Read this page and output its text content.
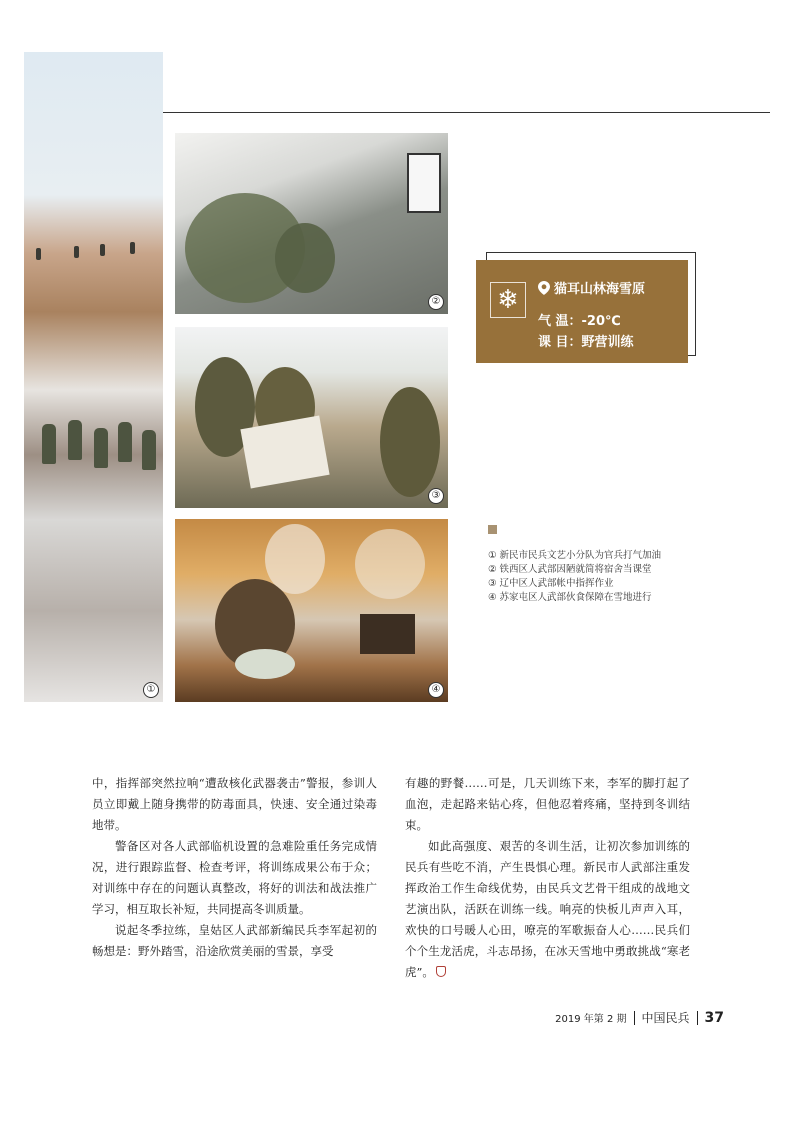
①
②
③
④
❄	猫耳山林海雪原
气 温：-20℃
课 目：野营训练
① 新民市民兵文艺小分队为官兵打气加油
② 铁西区人武部因陋就简将宿舍当课堂
③ 辽中区人武部帐中指挥作业
④ 苏家屯区人武部伙食保障在雪地进行

中，指挥部突然拉响“遭敌核化武器袭击”警报，参训人员立即戴上随身携带的防毒面具，快速、安全通过染毒地带。

警备区对各人武部临机设置的急难险重任务完成情况，进行跟踪监督、检查考评，将训练成果公布于众；对训练中存在的问题认真整改，将好的训法和战法推广学习，相互取长补短，共同提高冬训质量。

说起冬季拉练，皇姑区人武部新编民兵李军起初的畅想是：野外踏雪，沿途欣赏美丽的雪景，享受

有趣的野餐……可是，几天训练下来，李军的脚打起了血泡，走起路来钻心疼，但他忍着疼痛，坚持到冬训结束。

如此高强度、艰苦的冬训生活，让初次参加训练的民兵有些吃不消，产生畏惧心理。新民市人武部注重发挥政治工作生命线优势，由民兵文艺骨干组成的战地文艺演出队，活跃在训练一线。响亮的快板儿声声入耳，欢快的口号暖人心田，嘹亮的军歌振奋人心……民兵们个个生龙活虎，斗志昂扬，在冰天雪地中勇敢挑战“寒老虎”。

2019 年第 2 期 中国民兵 37
